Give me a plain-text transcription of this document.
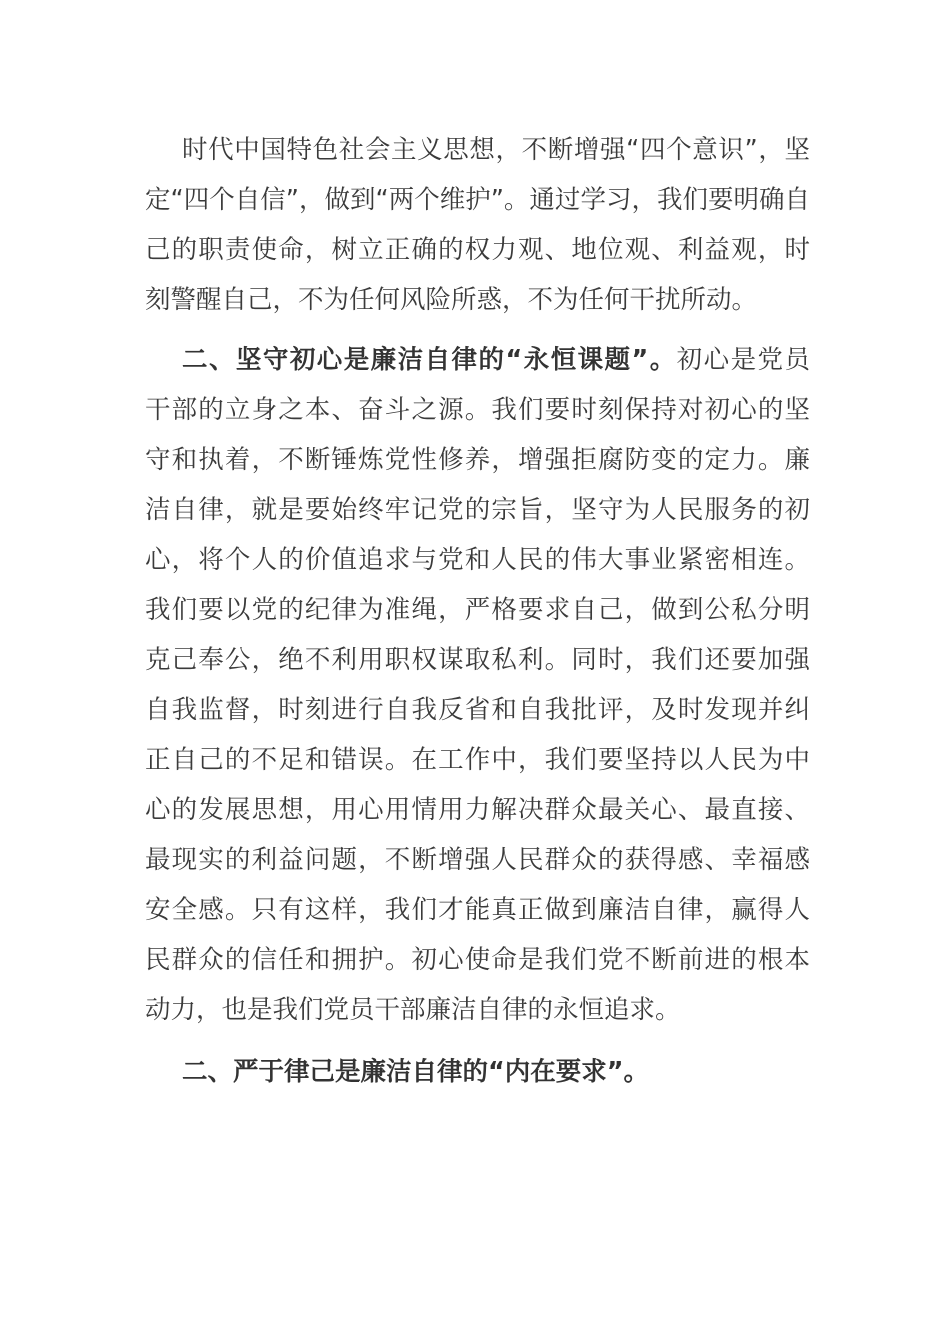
时代中国特色社会主义思想，不断增强“四个意识”，坚
定“四个自信”，做到“两个维护”。通过学习，我们要明确自
己的职责使命，树立正确的权力观、地位观、利益观，时
刻警醒自己，不为任何风险所惑，不为任何干扰所动。
二、坚守初心是廉洁自律的“永恒课题”。初心是党员
干部的立身之本、奋斗之源。我们要时刻保持对初心的坚
守和执着，不断锤炼党性修养，增强拒腐防变的定力。廉
洁自律，就是要始终牢记党的宗旨，坚守为人民服务的初
心，将个人的价值追求与党和人民的伟大事业紧密相连。
我们要以党的纪律为准绳，严格要求自己，做到公私分明
克己奉公，绝不利用职权谋取私利。同时，我们还要加强
自我监督，时刻进行自我反省和自我批评，及时发现并纠
正自己的不足和错误。在工作中，我们要坚持以人民为中
心的发展思想，用心用情用力解决群众最关心、最直接、
最现实的利益问题，不断增强人民群众的获得感、幸福感
安全感。只有这样，我们才能真正做到廉洁自律，赢得人
民群众的信任和拥护。初心使命是我们党不断前进的根本
动力，也是我们党员干部廉洁自律的永恒追求。
二、严于律己是廉洁自律的“内在要求”。
